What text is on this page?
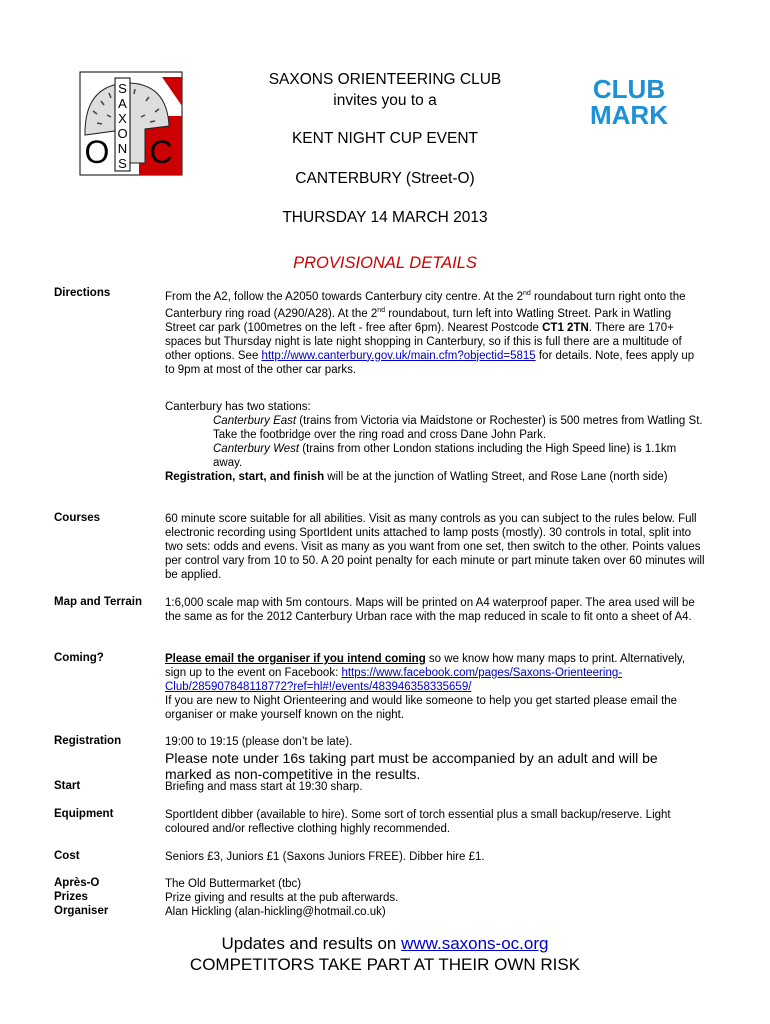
S
A
X
O
N
S
O C
CLUB
MARK
SAXONS ORIENTEERING CLUB
invites you to a
KENT NIGHT CUP EVENT
CANTERBURY (Street-O)
THURSDAY 14 MARCH 2013
PROVISIONAL DETAILS
Directions	From the A2, follow the A2050 towards Canterbury city centre. At the 2nd roundabout turn right onto the Canterbury ring road (A290/A28). At the 2nd roundabout, turn left into Watling Street. Park in Watling Street car park (100metres on the left - free after 6pm). Nearest Postcode CT1 2TN. There are 170+ spaces but Thursday night is late night shopping in Canterbury, so if this is full there are a multitude of other options. See http://www.canterbury.gov.uk/main.cfm?objectid=5815 for details. Note, fees apply up to 9pm at most of the other car parks.
Canterbury has two stations:
Canterbury East (trains from Victoria via Maidstone or Rochester) is 500 metres from Watling St. Take the footbridge over the ring road and cross Dane John Park.
Canterbury West (trains from other London stations including the High Speed line) is 1.1km away.
Registration, start, and finish will be at the junction of Watling Street, and Rose Lane (north side)
Courses	60 minute score suitable for all abilities. Visit as many controls as you can subject to the rules below. Full electronic recording using SportIdent units attached to lamp posts (mostly). 30 controls in total, split into two sets: odds and evens. Visit as many as you want from one set, then switch to the other. Points values per control vary from 10 to 50. A 20 point penalty for each minute or part minute taken over 60 minutes will be applied.
Map and Terrain 1:6,000 scale map with 5m contours. Maps will be printed on A4 waterproof paper. The area used will be the same as for the 2012 Canterbury Urban race with the map reduced in scale to fit onto a sheet of A4.
Coming?	Please email the organiser if you intend coming so we know how many maps to print. Alternatively, sign up to the event on Facebook: https://www.facebook.com/pages/Saxons-Orienteering-Club/285907848118772?ref=hl#!/events/483946358335659/
If you are new to Night Orienteering and would like someone to help you get started please email the organiser or make yourself known on the night.
Registration	19:00 to 19:15 (please don’t be late).
Please note under 16s taking part must be accompanied by an adult and will be marked as non-competitive in the results.
Start	Briefing and mass start at 19:30 sharp.
Equipment	SportIdent dibber (available to hire). Some sort of torch essential plus a small backup/reserve. Light coloured and/or reflective clothing highly recommended.
Cost	Seniors £3, Juniors £1 (Saxons Juniors FREE). Dibber hire £1.
Après-O	The Old Buttermarket (tbc)
Prizes	Prize giving and results at the pub afterwards.
Organiser	Alan Hickling (alan-hickling@hotmail.co.uk)
Updates and results on www.saxons-oc.org
COMPETITORS TAKE PART AT THEIR OWN RISK
